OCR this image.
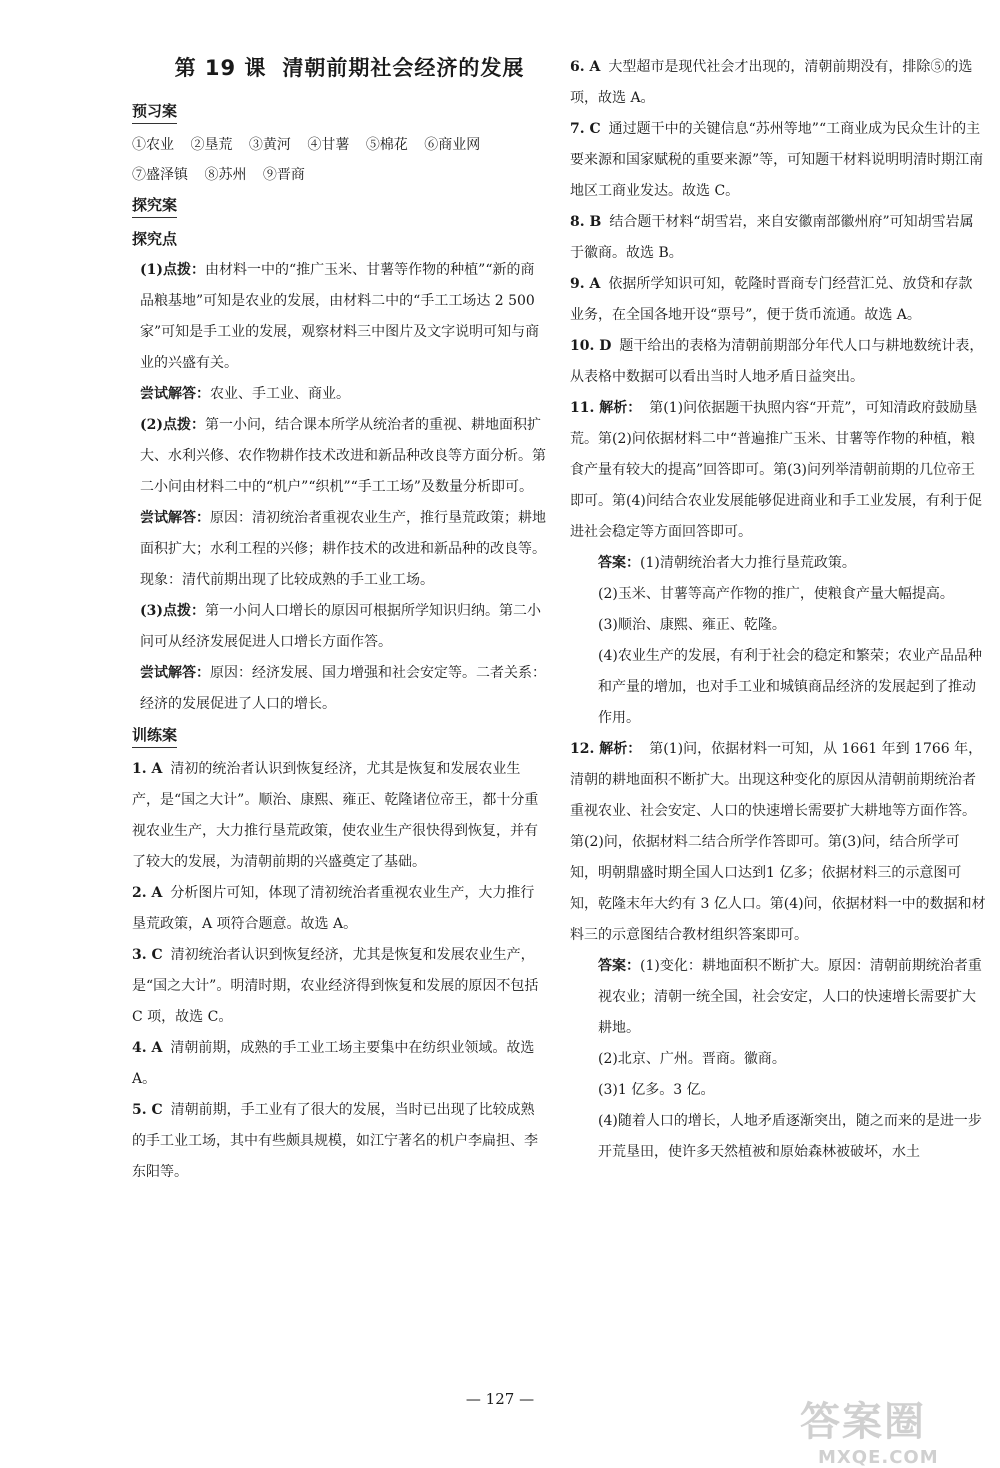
第 19 课 清朝前期社会经济的发展
预习案
①农业 ②垦荒 ③黄河 ④甘薯 ⑤棉花 ⑥商业网
⑦盛泽镇 ⑧苏州 ⑨晋商
探究案
探究点

(1)点拨：由材料一中的“推广玉米、甘薯等作物的种植”“新的商品粮基地”可知是农业的发展，由材料二中的“手工工场达 2 500 家”可知是手工业的发展，观察材料三中图片及文字说明可知与商业的兴盛有关。

尝试解答：农业、手工业、商业。

(2)点拨：第一小问，结合课本所学从统治者的重视、耕地面积扩大、水利兴修、农作物耕作技术改进和新品种改良等方面分析。第二小问由材料二中的“机户”“织机”“手工工场”及数量分析即可。

尝试解答：原因：清初统治者重视农业生产，推行垦荒政策；耕地面积扩大；水利工程的兴修；耕作技术的改进和新品种的改良等。现象：清代前期出现了比较成熟的手工业工场。

(3)点拨：第一小问人口增长的原因可根据所学知识归纳。第二小问可从经济发展促进人口增长方面作答。

尝试解答：原因：经济发展、国力增强和社会安定等。二者关系：经济的发展促进了人口的增长。

训练案

1. A 清初的统治者认识到恢复经济，尤其是恢复和发展农业生产，是“国之大计”。顺治、康熙、雍正、乾隆诸位帝王，都十分重视农业生产，大力推行垦荒政策，使农业生产很快得到恢复，并有了较大的发展，为清朝前期的兴盛奠定了基础。

2. A 分析图片可知，体现了清初统治者重视农业生产，大力推行垦荒政策，A 项符合题意。故选 A。

3. C 清初统治者认识到恢复经济，尤其是恢复和发展农业生产，是“国之大计”。明清时期，农业经济得到恢复和发展的原因不包括 C 项，故选 C。

4. A 清朝前期，成熟的手工业工场主要集中在纺织业领域。故选 A。

5. C 清朝前期，手工业有了很大的发展，当时已出现了比较成熟的手工业工场，其中有些颇具规模，如江宁著名的机户李扁担、李东阳等。

6. A 大型超市是现代社会才出现的，清朝前期没有，排除⑤的选项，故选 A。

7. C 通过题干中的关键信息“苏州等地”“工商业成为民众生计的主要来源和国家赋税的重要来源”等，可知题干材料说明明清时期江南地区工商业发达。故选 C。

8. B 结合题干材料“胡雪岩，来自安徽南部徽州府”可知胡雪岩属于徽商。故选 B。

9. A 依据所学知识可知，乾隆时晋商专门经营汇兑、放贷和存款业务，在全国各地开设“票号”，便于货币流通。故选 A。

10. D 题干给出的表格为清朝前期部分年代人口与耕地数统计表，从表格中数据可以看出当时人地矛盾日益突出。

11. 解析： 第(1)问依据题干执照内容“开荒”，可知清政府鼓励垦荒。第(2)问依据材料二中“普遍推广玉米、甘薯等作物的种植，粮食产量有较大的提高”回答即可。第(3)问列举清朝前期的几位帝王即可。第(4)问结合农业发展能够促进商业和手工业发展，有利于促进社会稳定等方面回答即可。

答案：(1)清朝统治者大力推行垦荒政策。

(2)玉米、甘薯等高产作物的推广，使粮食产量大幅提高。

(3)顺治、康熙、雍正、乾隆。

(4)农业生产的发展，有利于社会的稳定和繁荣；农业产品品种和产量的增加，也对手工业和城镇商品经济的发展起到了推动作用。

12. 解析： 第(1)问，依据材料一可知，从 1661 年到 1766 年，清朝的耕地面积不断扩大。出现这种变化的原因从清朝前期统治者重视农业、社会安定、人口的快速增长需要扩大耕地等方面作答。第(2)问，依据材料二结合所学作答即可。第(3)问，结合所学可知，明朝鼎盛时期全国人口达到1 亿多；依据材料三的示意图可知，乾隆末年大约有 3 亿人口。第(4)问，依据材料一中的数据和材料三的示意图结合教材组织答案即可。

答案：(1)变化：耕地面积不断扩大。原因：清朝前期统治者重视农业；清朝一统全国，社会安定，人口的快速增长需要扩大耕地。

(2)北京、广州。晋商。徽商。

(3)1 亿多。3 亿。

(4)随着人口的增长，人地矛盾逐渐突出，随之而来的是进一步开荒垦田，使许多天然植被和原始森林被破坏，水土

— 127 —	答案圈
MXQE.COM
